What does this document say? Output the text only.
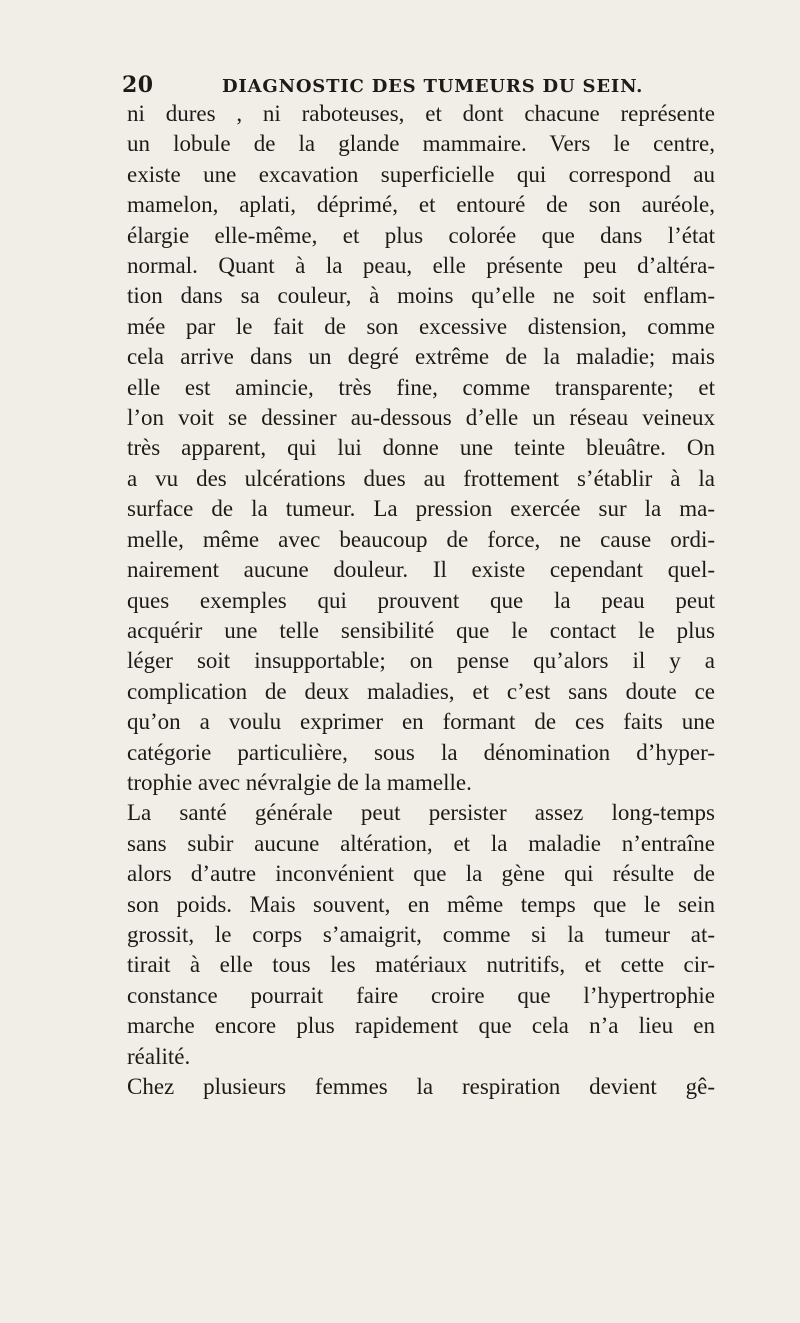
20	DIAGNOSTIC DES TUMEURS DU SEIN.
ni dures , ni raboteuses, et dont chacune représente
un lobule de la glande mammaire. Vers le centre,
existe une excavation superficielle qui correspond au
mamelon, aplati, déprimé, et entouré de son auréole,
élargie elle-même, et plus colorée que dans l’état
normal. Quant à la peau, elle présente peu d’altéra-
tion dans sa couleur, à moins qu’elle ne soit enflam-
mée par le fait de son excessive distension, comme
cela arrive dans un degré extrême de la maladie; mais
elle est amincie, très fine, comme transparente; et
l’on voit se dessiner au-dessous d’elle un réseau veineux
très apparent, qui lui donne une teinte bleuâtre. On
a vu des ulcérations dues au frottement s’établir à la
surface de la tumeur. La pression exercée sur la ma-
melle, même avec beaucoup de force, ne cause ordi-
nairement aucune douleur. Il existe cependant quel-
ques exemples qui prouvent que la peau peut
acquérir une telle sensibilité que le contact le plus
léger soit insupportable; on pense qu’alors il y a
complication de deux maladies, et c’est sans doute ce
qu’on a voulu exprimer en formant de ces faits une
catégorie particulière, sous la dénomination d’hyper-
trophie avec névralgie de la mamelle.
La santé générale peut persister assez long-temps
sans subir aucune altération, et la maladie n’entraîne
alors d’autre inconvénient que la gène qui résulte de
son poids. Mais souvent, en même temps que le sein
grossit, le corps s’amaigrit, comme si la tumeur at-
tirait à elle tous les matériaux nutritifs, et cette cir-
constance pourrait faire croire que l’hypertrophie
marche encore plus rapidement que cela n’a lieu en
réalité.
Chez plusieurs femmes la respiration devient gê-
